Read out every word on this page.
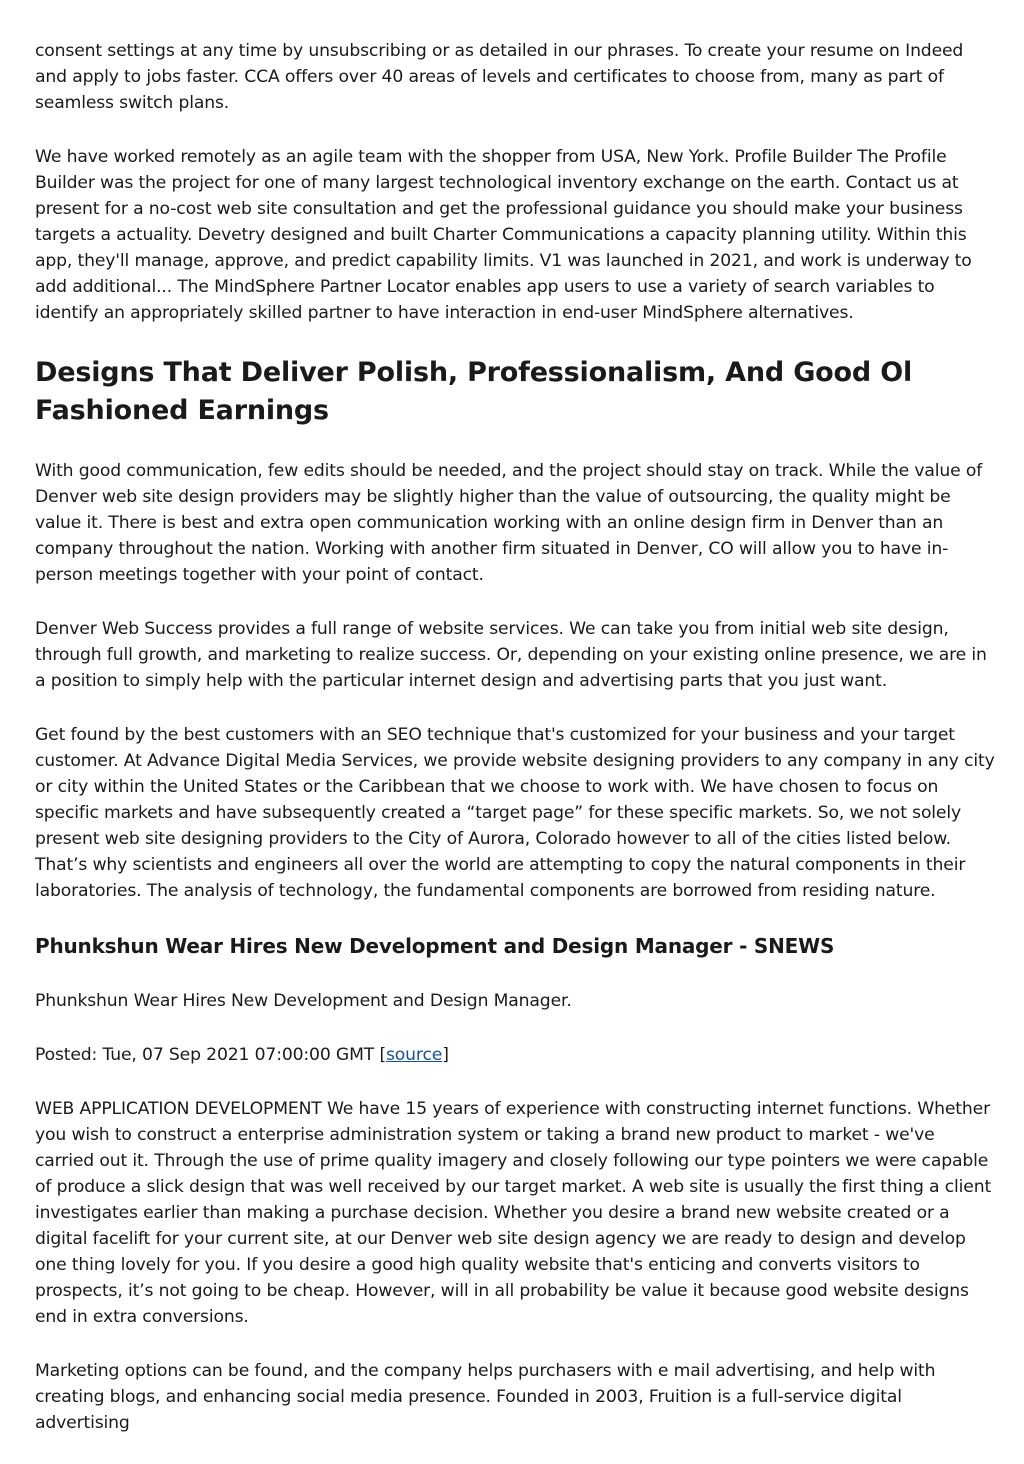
consent settings at any time by unsubscribing or as detailed in our phrases. To create your resume on Indeed and apply to jobs faster. CCA offers over 40 areas of levels and certificates to choose from, many as part of seamless switch plans.

We have worked remotely as an agile team with the shopper from USA, New York. Profile Builder The Profile Builder was the project for one of many largest technological inventory exchange on the earth. Contact us at present for a no-cost web site consultation and get the professional guidance you should make your business targets a actuality. Devetry designed and built Charter Communications a capacity planning utility. Within this app, they'll manage, approve, and predict capability limits. V1 was launched in 2021, and work is underway to add additional... The MindSphere Partner Locator enables app users to use a variety of search variables to identify an appropriately skilled partner to have interaction in end-user MindSphere alternatives.

Designs That Deliver Polish, Professionalism, And Good Ol Fashioned Earnings

With good communication, few edits should be needed, and the project should stay on track. While the value of Denver web site design providers may be slightly higher than the value of outsourcing, the quality might be value it. There is best and extra open communication working with an online design firm in Denver than an company throughout the nation. Working with another firm situated in Denver, CO will allow you to have in-person meetings together with your point of contact.

Denver Web Success provides a full range of website services. We can take you from initial web site design, through full growth, and marketing to realize success. Or, depending on your existing online presence, we are in a position to simply help with the particular internet design and advertising parts that you just want.

Get found by the best customers with an SEO technique that's customized for your business and your target customer. At Advance Digital Media Services, we provide website designing providers to any company in any city or city within the United States or the Caribbean that we choose to work with. We have chosen to focus on specific markets and have subsequently created a “target page” for these specific markets. So, we not solely present web site designing providers to the City of Aurora, Colorado however to all of the cities listed below. That’s why scientists and engineers all over the world are attempting to copy the natural components in their laboratories. The analysis of technology, the fundamental components are borrowed from residing nature.

Phunkshun Wear Hires New Development and Design Manager - SNEWS

Phunkshun Wear Hires New Development and Design Manager.

Posted: Tue, 07 Sep 2021 07:00:00 GMT [source]

WEB APPLICATION DEVELOPMENT We have 15 years of experience with constructing internet functions. Whether you wish to construct a enterprise administration system or taking a brand new product to market - we've carried out it. Through the use of prime quality imagery and closely following our type pointers we were capable of produce a slick design that was well received by our target market. A web site is usually the first thing a client investigates earlier than making a purchase decision. Whether you desire a brand new website created or a digital facelift for your current site, at our Denver web site design agency we are ready to design and develop one thing lovely for you. If you desire a good high quality website that's enticing and converts visitors to prospects, it’s not going to be cheap. However, will in all probability be value it because good website designs end in extra conversions.

Marketing options can be found, and the company helps purchasers with e mail advertising, and help with creating blogs, and enhancing social media presence. Founded in 2003, Fruition is a full-service digital advertising
